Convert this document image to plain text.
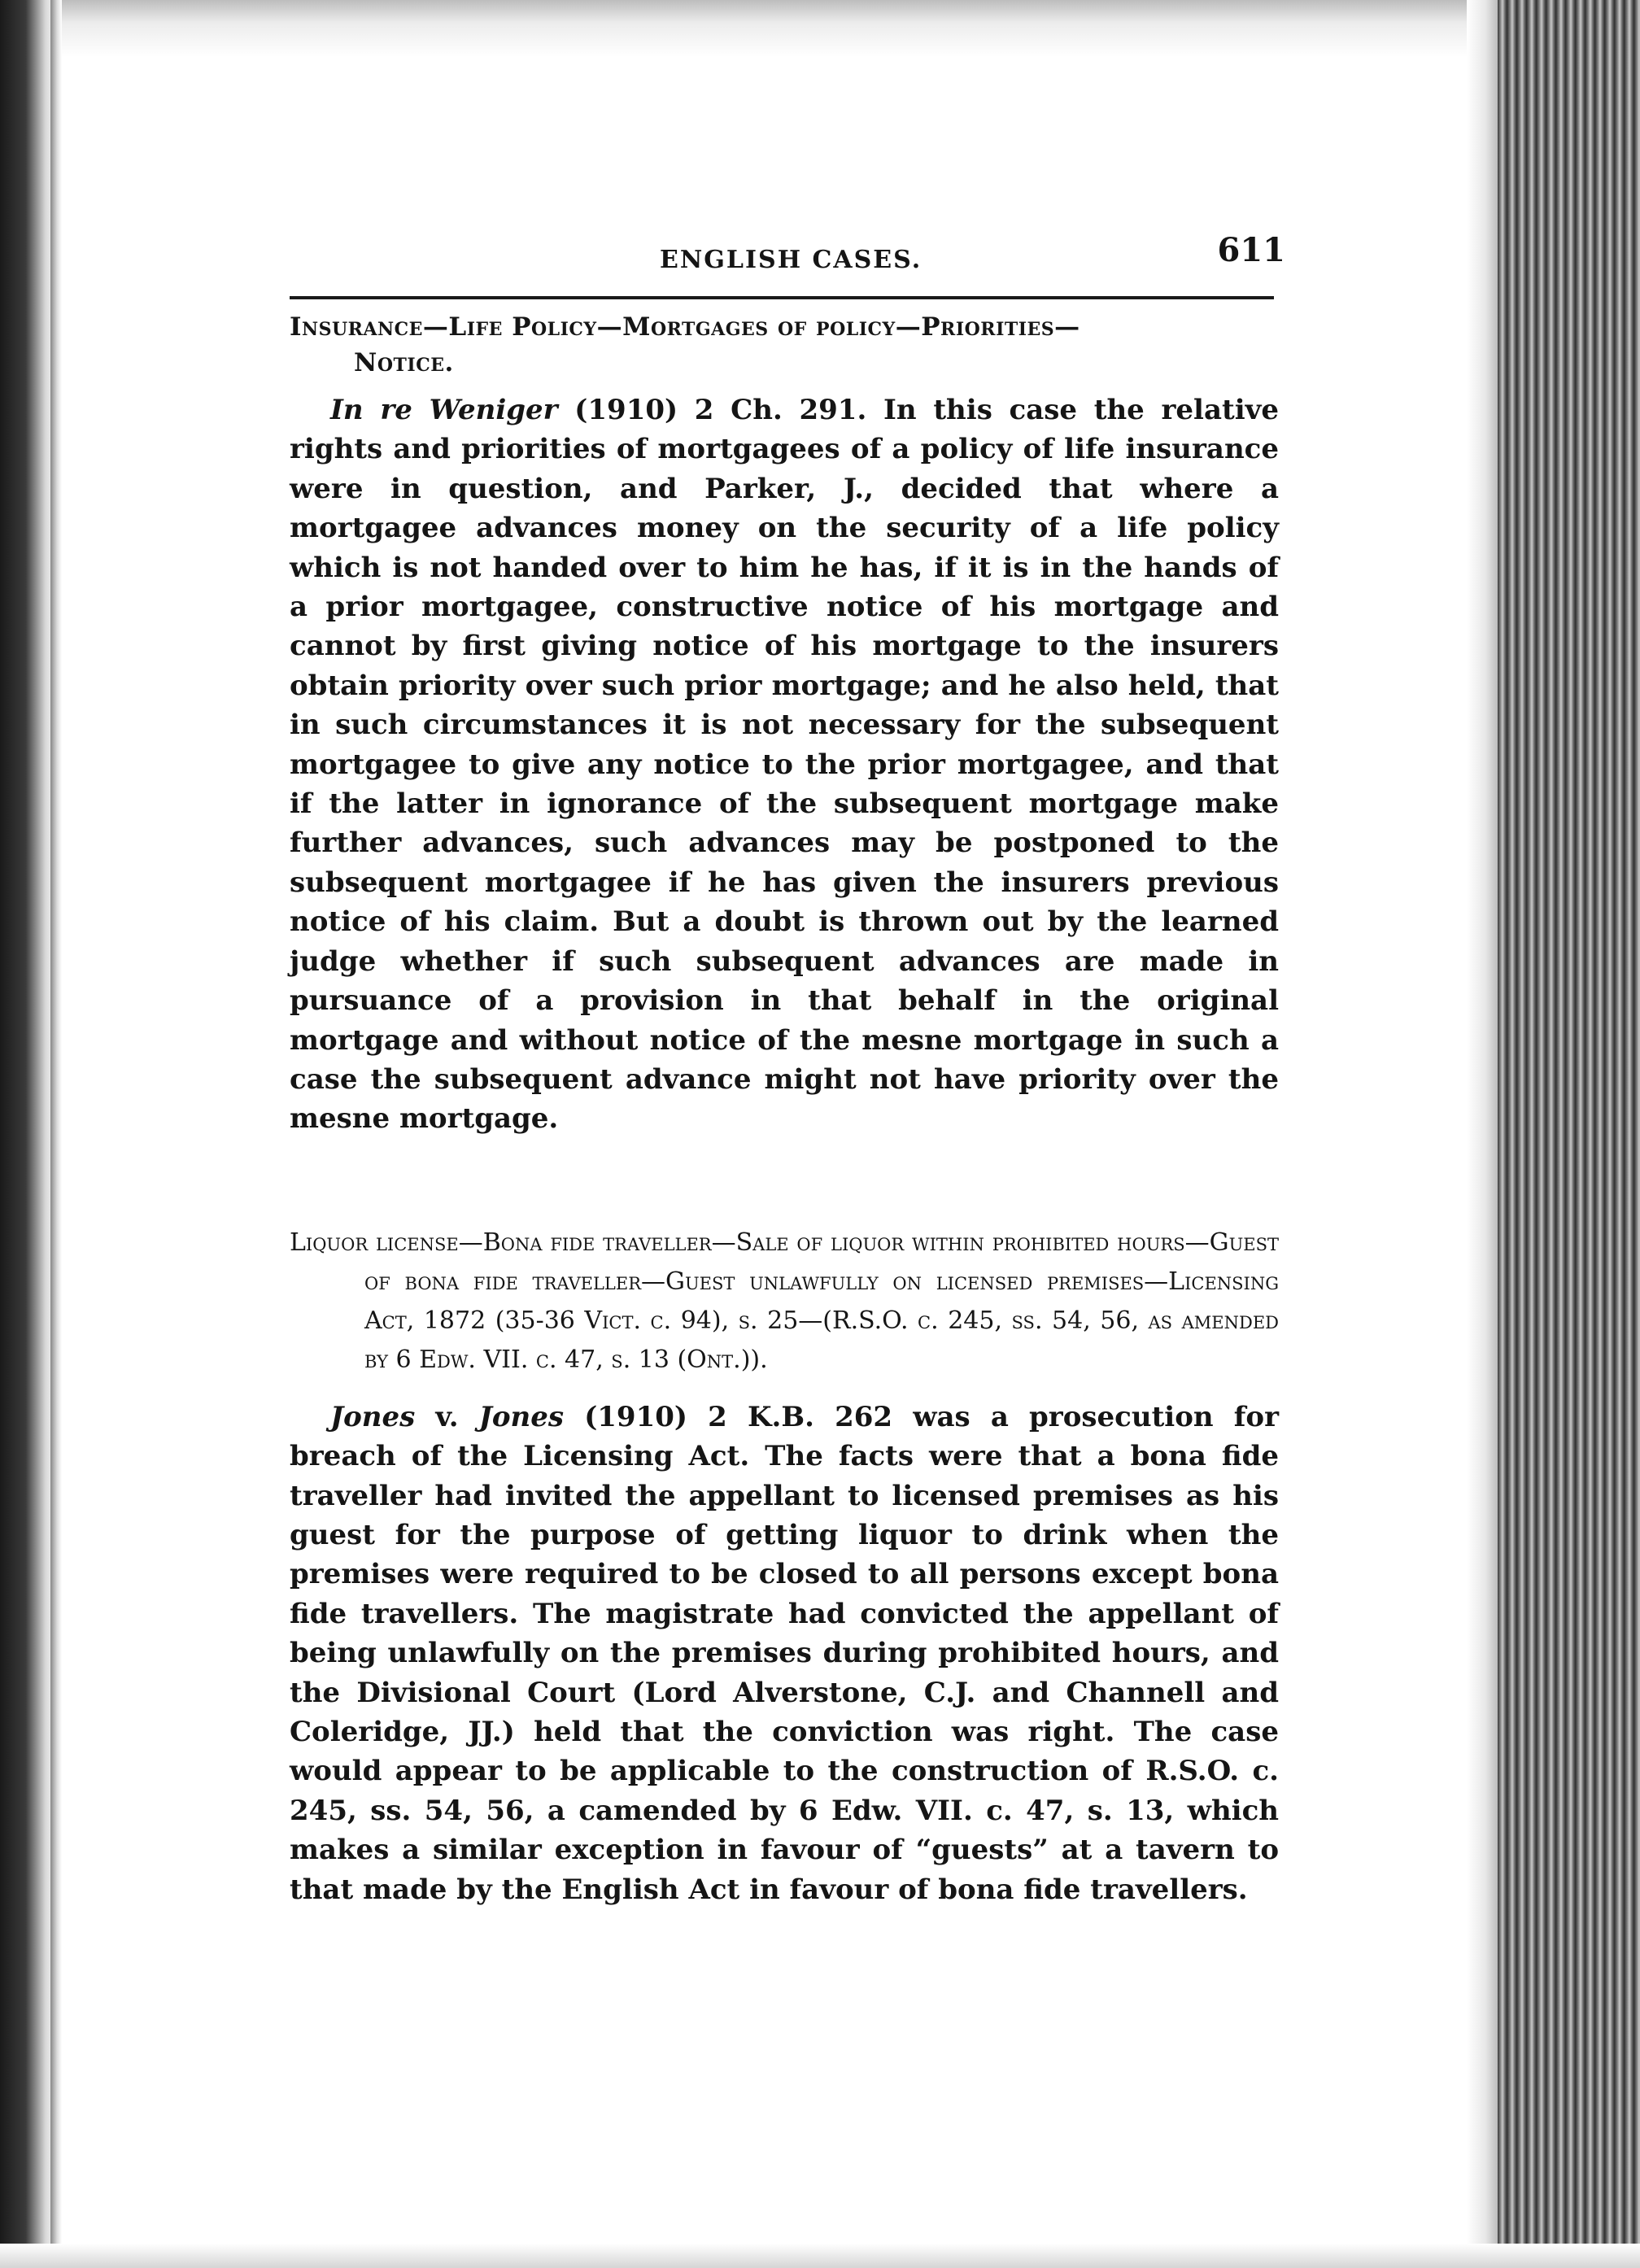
ENGLISH CASES.	611
Insurance—Life Policy—Mortgages of policy—Priorities—
Notice.

In re Weniger (1910) 2 Ch. 291. In this case the relative rights and priorities of mortgagees of a policy of life insurance were in question, and Parker, J., decided that where a mortgagee advances money on the security of a life policy which is not handed over to him he has, if it is in the hands of a prior mortgagee, constructive notice of his mortgage and cannot by first giving notice of his mortgage to the insurers obtain priority over such prior mortgage; and he also held, that in such circumstances it is not necessary for the subsequent mortgagee to give any notice to the prior mortgagee, and that if the latter in ignorance of the subsequent mortgage make further advances, such advances may be postponed to the subsequent mortgagee if he has given the insurers previous notice of his claim. But a doubt is thrown out by the learned judge whether if such subsequent advances are made in pursuance of a provision in that behalf in the original mortgage and without notice of the mesne mortgage in such a case the subsequent advance might not have priority over the mesne mortgage.

Liquor license—Bona fide traveller—Sale of liquor within prohibited hours—Guest of bona fide traveller—Guest unlawfully on licensed premises—Licensing Act, 1872 (35-36 Vict. c. 94), s. 25—(R.S.O. c. 245, ss. 54, 56, as amended by 6 Edw. VII. c. 47, s. 13 (Ont.)).

Jones v. Jones (1910) 2 K.B. 262 was a prosecution for breach of the Licensing Act. The facts were that a bona fide traveller had invited the appellant to licensed premises as his guest for the purpose of getting liquor to drink when the premises were required to be closed to all persons except bona fide travellers. The magistrate had convicted the appellant of being unlawfully on the premises during prohibited hours, and the Divisional Court (Lord Alverstone, C.J. and Channell and Coleridge, JJ.) held that the conviction was right. The case would appear to be applicable to the construction of R.S.O. c. 245, ss. 54, 56, a camended by 6 Edw. VII. c. 47, s. 13, which makes a similar exception in favour of “guests” at a tavern to that made by the English Act in favour of bona fide travellers.
